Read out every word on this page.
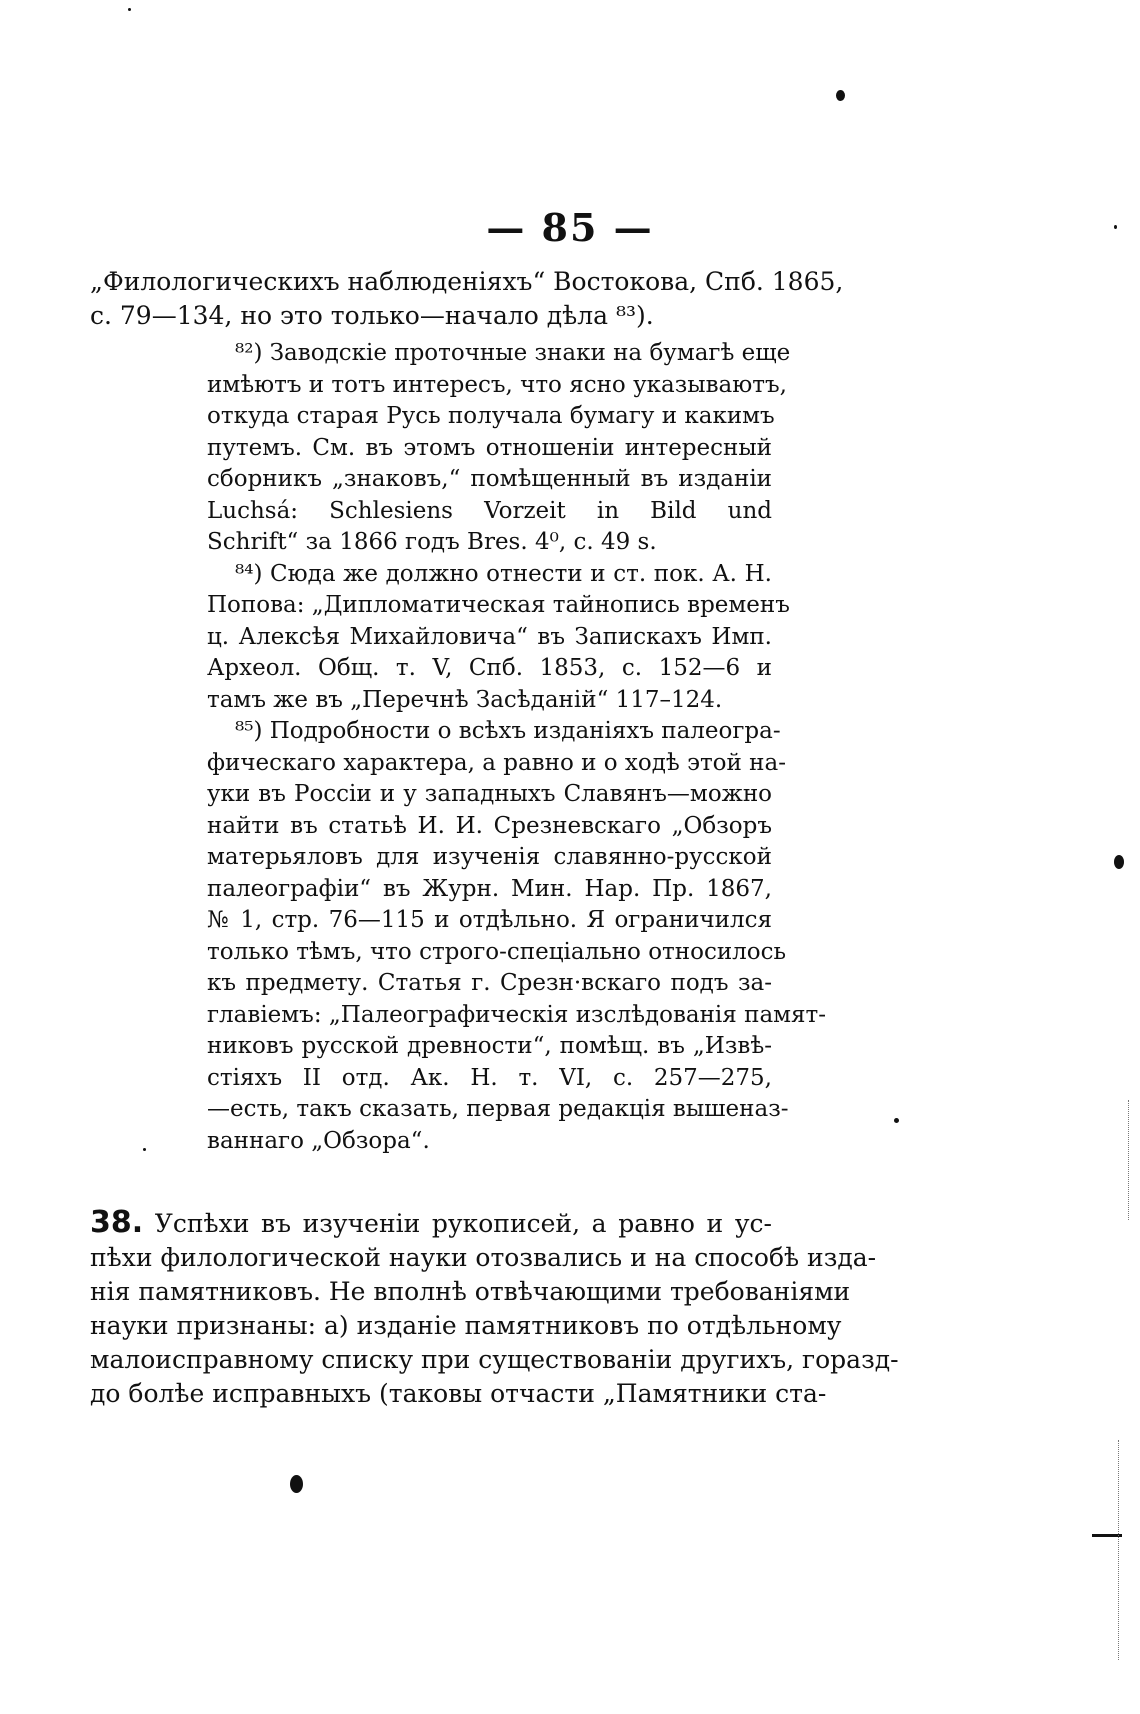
— 85 —
„Филологическихъ наблюденіяхъ“ Востокова, Спб. 1865,
с. 79—134, но это только—начало дѣла ⁸³).
⁸²) Заводскіе проточные знаки на бумагѣ еще
имѣютъ и тотъ интересъ, что ясно указываютъ,
откуда старая Русь получала бумагу и какимъ
путемъ. См. въ этомъ отношеніи интересный
сборникъ „знаковъ,“ помѣщенный въ изданіи
Luchsá: Schlesiens Vorzeit in Bild und
Schrift“ за 1866 годъ Bres. 4⁰, с. 49 s.
⁸⁴) Сюда же должно отнести и ст. пок. А. Н.
Попова: „Дипломатическая тайнопись временъ
ц. Алексѣя Михайловича“ въ Запискахъ Имп.
Археол. Общ. т. V, Спб. 1853, с. 152—6 и
тамъ же въ „Перечнѣ Засѣданій“ 117–124.
⁸⁵) Подробности о всѣхъ изданіяхъ палеогра-
фическаго характера, а равно и о ходѣ этой на-
уки въ Россіи и у западныхъ Славянъ—можно
найти въ статьѣ И. И. Срезневскаго „Обзоръ
матерьяловъ для изученія славянно-русской
палеографіи“ въ Журн. Мин. Нар. Пр. 1867,
№ 1, стр. 76—115 и отдѣльно. Я ограничился
только тѣмъ, что строго-спеціально относилось
къ предмету. Статья г. Срезн·вскаго подъ за-
главіемъ: „Палеографическія изслѣдованія памят-
никовъ русской древности“, помѣщ. въ „Извѣ-
стіяхъ II отд. Ак. Н. т. VI, с. 257—275,
—есть, такъ сказать, первая редакція вышеназ-
ваннаго „Обзора“.
38. Успѣхи въ изученіи рукописей, а равно и ус-
пѣхи филологической науки отозвались и на способѣ изда-
нія памятниковъ. Не вполнѣ отвѣчающими требованіями
науки признаны: а) изданіе памятниковъ по отдѣльному
малоисправному списку при существованіи другихъ, горазд-
до болѣе исправныхъ (таковы отчасти „Памятники ста-
